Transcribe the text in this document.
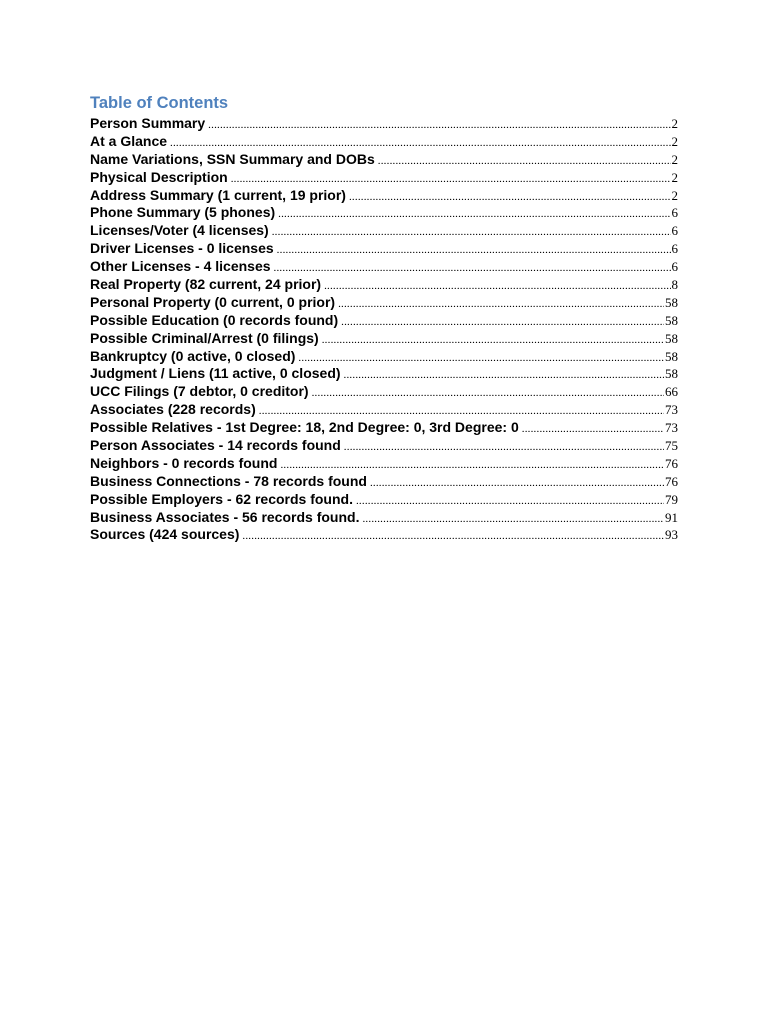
Table of Contents
Person Summary .....	2
At a Glance .....	2
Name Variations, SSN Summary and DOBs .....	2
Physical Description .....	2
Address Summary (1 current, 19 prior) .....	2
Phone Summary (5 phones) .....	6
Licenses/Voter (4 licenses) .....	6
Driver Licenses - 0 licenses .....	6
Other Licenses - 4 licenses .....	6
Real Property (82 current, 24 prior) .....	8
Personal Property (0 current, 0 prior) .....	58
Possible Education (0 records found) .....	58
Possible Criminal/Arrest (0 filings) .....	58
Bankruptcy (0 active, 0 closed) .....	58
Judgment / Liens (11 active, 0 closed) .....	58
UCC Filings (7 debtor, 0 creditor) .....	66
Associates (228 records) .....	73
Possible Relatives - 1st Degree: 18, 2nd Degree: 0, 3rd Degree: 0 .....	73
Person Associates - 14 records found .....	75
Neighbors - 0 records found .....	76
Business Connections - 78 records found .....	76
Possible Employers - 62 records found. .....	79
Business Associates - 56 records found. .....	91
Sources (424 sources) .....	93
